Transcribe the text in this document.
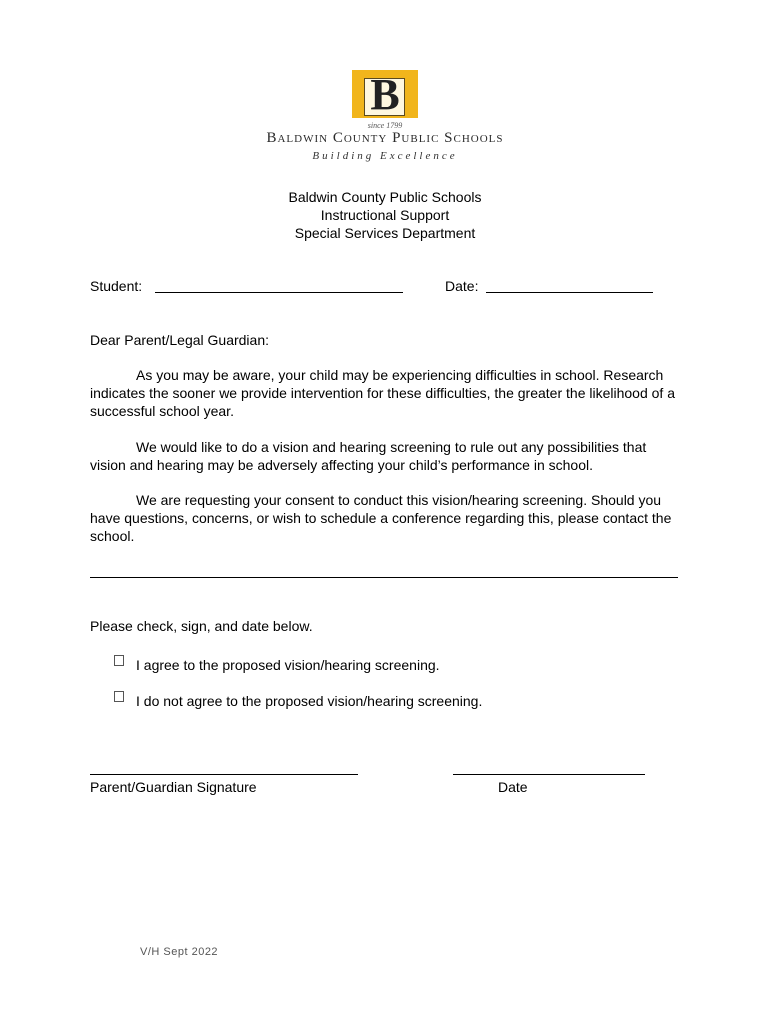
B
since 1799
Baldwin County Public Schools
Building Excellence
Baldwin County Public Schools
Instructional Support
Special Services Department
Student:	Date:
Dear Parent/Legal Guardian:
As you may be aware, your child may be experiencing difficulties in school. Research indicates the sooner we provide intervention for these difficulties, the greater the likelihood of a successful school year.
We would like to do a vision and hearing screening to rule out any possibilities that vision and hearing may be adversely affecting your child’s performance in school.
We are requesting your consent to conduct this vision/hearing screening. Should you have questions, concerns, or wish to schedule a conference regarding this, please contact the school.
Please check, sign, and date below.
I agree to the proposed vision/hearing screening.
I do not agree to the proposed vision/hearing screening.
Parent/Guardian Signature	Date
V/H Sept 2022
